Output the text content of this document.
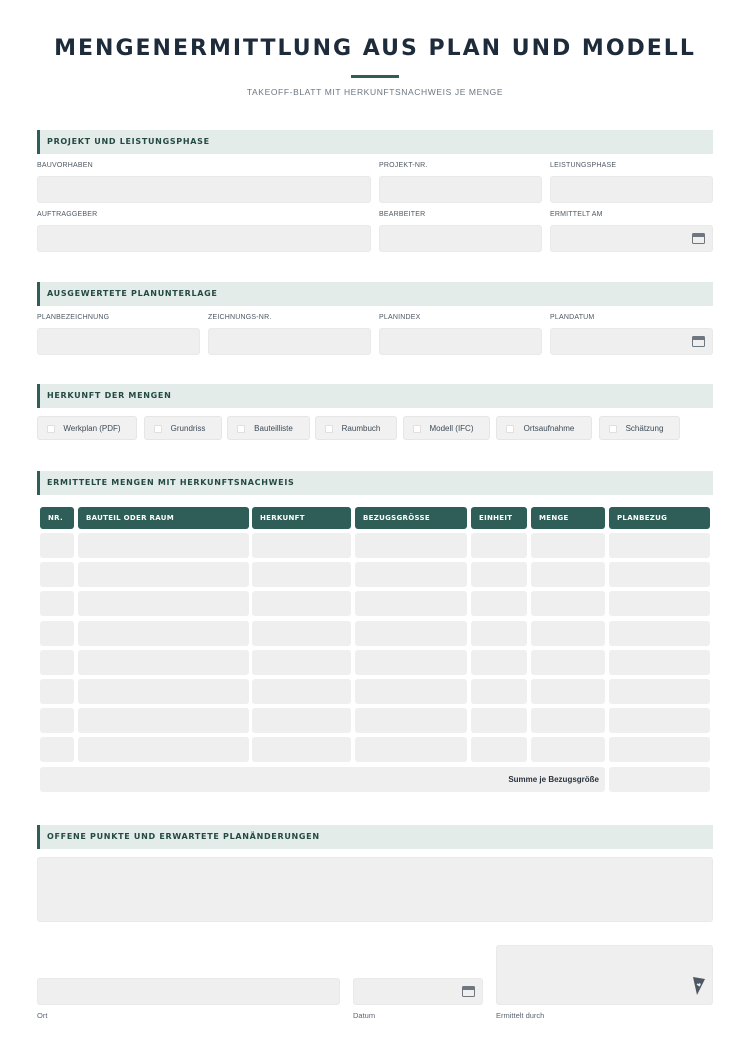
MENGENERMITTLUNG AUS PLAN UND MODELL
TAKEOFF-BLATT MIT HERKUNFTSNACHWEIS JE MENGE
PROJEKT UND LEISTUNGSPHASE
BAUVORHABEN	PROJEKT-NR.	LEISTUNGSPHASE
AUFTRAGGEBER	BEARBEITER	ERMITTELT AM
AUSGEWERTETE PLANUNTERLAGE
PLANBEZEICHNUNG	ZEICHNUNGS-NR.	PLANINDEX	PLANDATUM
HERKUNFT DER MENGEN
Werkplan (PDF)	Grundriss	Bauteilliste	Raumbuch	Modell (IFC)	Ortsaufnahme	Schätzung
ERMITTELTE MENGEN MIT HERKUNFTSNACHWEIS
NR.	BAUTEIL ODER RAUM	HERKUNFT	BEZUGSGRÖSSE	EINHEIT	MENGE	PLANBEZUG
Summe je Bezugsgröße
OFFENE PUNKTE UND ERWARTETE PLANÄNDERUNGEN
Ort	Datum	Ermittelt durch
